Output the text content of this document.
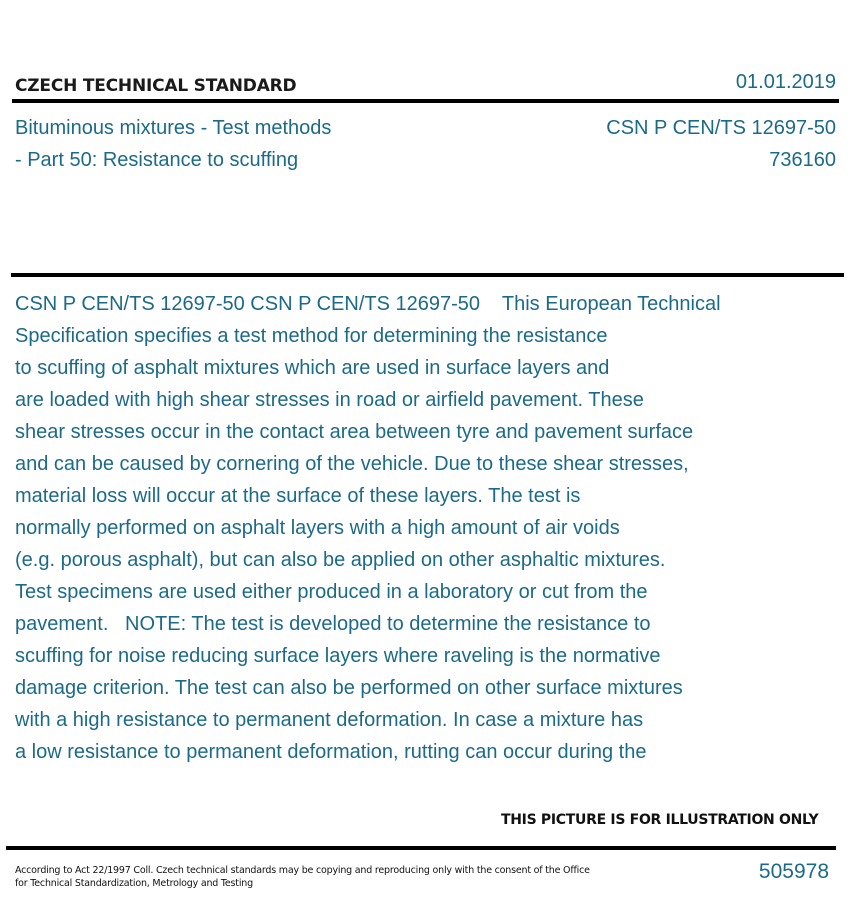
CZECH TECHNICAL STANDARD	01.01.2019
Bituminous mixtures - Test methods
- Part 50: Resistance to scuffing
CSN P CEN/TS 12697-50
736160
CSN P CEN/TS 12697-50 CSN P CEN/TS 12697-50    This European Technical
Specification specifies a test method for determining the resistance
to scuffing of asphalt mixtures which are used in surface layers and
are loaded with high shear stresses in road or airfield pavement. These
shear stresses occur in the contact area between tyre and pavement surface
and can be caused by cornering of the vehicle. Due to these shear stresses,
material loss will occur at the surface of these layers. The test is
normally performed on asphalt layers with a high amount of air voids
(e.g. porous asphalt), but can also be applied on other asphaltic mixtures.
Test specimens are used either produced in a laboratory or cut from the
pavement.   NOTE: The test is developed to determine the resistance to
scuffing for noise reducing surface layers where raveling is the normative
damage criterion. The test can also be performed on other surface mixtures
with a high resistance to permanent deformation. In case a mixture has
a low resistance to permanent deformation, rutting can occur during the
THIS PICTURE IS FOR ILLUSTRATION ONLY
According to Act 22/1997 Coll. Czech technical standards may be copying and reproducing only with the consent of the Office
for Technical Standardization, Metrology and Testing
505978
